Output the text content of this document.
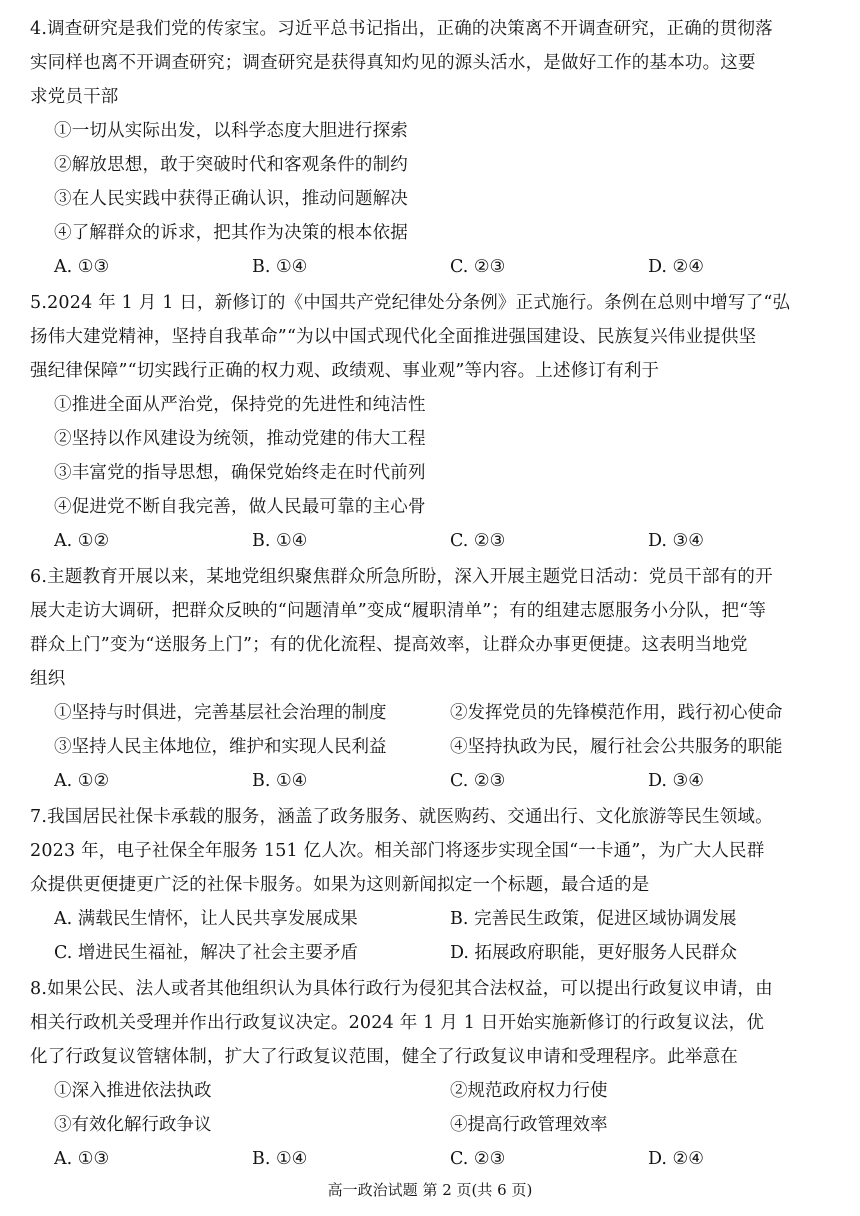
4.调查研究是我们党的传家宝。习近平总书记指出，正确的决策离不开调查研究，正确的贯彻落
实同样也离不开调查研究；调查研究是获得真知灼见的源头活水，是做好工作的基本功。这要
求党员干部
①一切从实际出发，以科学态度大胆进行探索
②解放思想，敢于突破时代和客观条件的制约
③在人民实践中获得正确认识，推动问题解决
④了解群众的诉求，把其作为决策的根本依据
A. ①③	B. ①④	C. ②③	D. ②④
5.2024 年 1 月 1 日，新修订的《中国共产党纪律处分条例》正式施行。条例在总则中增写了“弘
扬伟大建党精神，坚持自我革命”“为以中国式现代化全面推进强国建设、民族复兴伟业提供坚
强纪律保障”“切实践行正确的权力观、政绩观、事业观”等内容。上述修订有利于
①推进全面从严治党，保持党的先进性和纯洁性
②坚持以作风建设为统领，推动党建的伟大工程
③丰富党的指导思想，确保党始终走在时代前列
④促进党不断自我完善，做人民最可靠的主心骨
A. ①②	B. ①④	C. ②③	D. ③④
6.主题教育开展以来，某地党组织聚焦群众所急所盼，深入开展主题党日活动：党员干部有的开
展大走访大调研，把群众反映的“问题清单”变成“履职清单”；有的组建志愿服务小分队，把“等
群众上门”变为“送服务上门”；有的优化流程、提高效率，让群众办事更便捷。这表明当地党
组织
①坚持与时俱进，完善基层社会治理的制度	②发挥党员的先锋模范作用，践行初心使命
③坚持人民主体地位，维护和实现人民利益	④坚持执政为民，履行社会公共服务的职能
A. ①②	B. ①④	C. ②③	D. ③④
7.我国居民社保卡承载的服务，涵盖了政务服务、就医购药、交通出行、文化旅游等民生领域。
2023 年，电子社保全年服务 151 亿人次。相关部门将逐步实现全国“一卡通”，为广大人民群
众提供更便捷更广泛的社保卡服务。如果为这则新闻拟定一个标题，最合适的是
A. 满载民生情怀，让人民共享发展成果	B. 完善民生政策，促进区域协调发展
C. 增进民生福祉，解决了社会主要矛盾	D. 拓展政府职能，更好服务人民群众
8.如果公民、法人或者其他组织认为具体行政行为侵犯其合法权益，可以提出行政复议申请，由
相关行政机关受理并作出行政复议决定。2024 年 1 月 1 日开始实施新修订的行政复议法，优
化了行政复议管辖体制，扩大了行政复议范围，健全了行政复议申请和受理程序。此举意在
①深入推进依法执政	②规范政府权力行使
③有效化解行政争议	④提高行政管理效率
A. ①③	B. ①④	C. ②③	D. ②④
高一政治试题 第 2 页(共 6 页)
